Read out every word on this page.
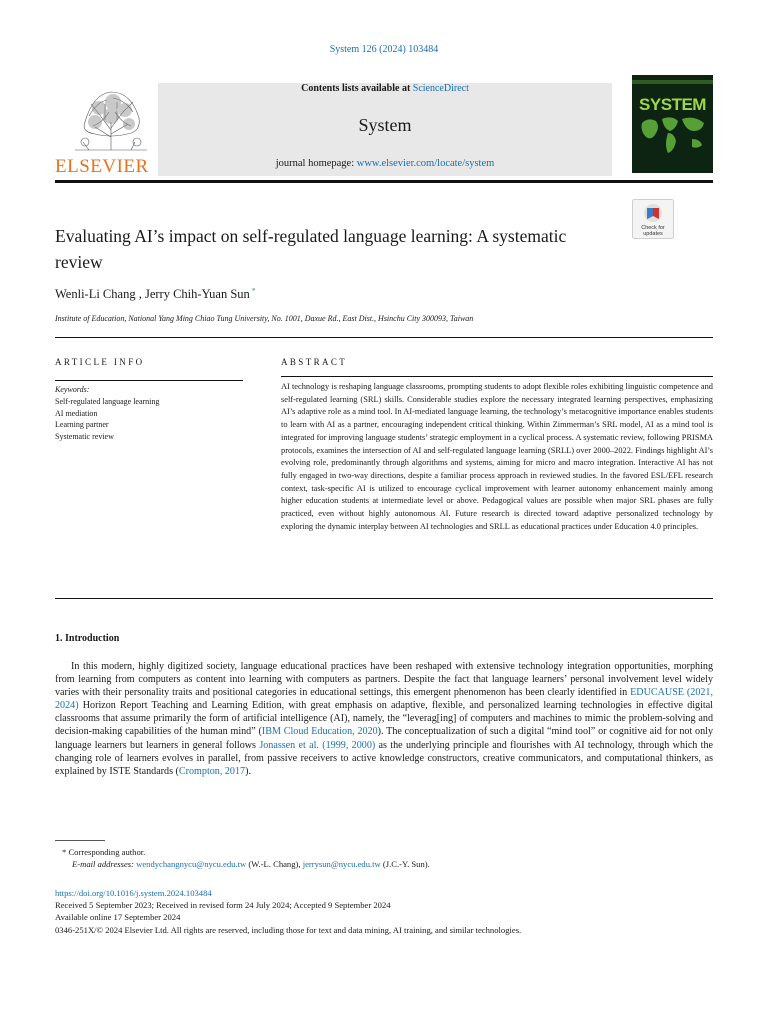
System 126 (2024) 103484
ELSEVIER
Contents lists available at ScienceDirect
System
journal homepage: www.elsevier.com/locate/system
SYSTEM
Evaluating AI’s impact on self-regulated language learning: A systematic review
Check for updates
Wenli-Li Chang , Jerry Chih-Yuan Sun *
Institute of Education, National Yang Ming Chiao Tung University, No. 1001, Daxue Rd., East Dist., Hsinchu City 300093, Taiwan
ARTICLE INFO
Keywords:
Self-regulated language learning
AI mediation
Learning partner
Systematic review
ABSTRACT
AI technology is reshaping language classrooms, prompting students to adopt flexible roles exhibiting linguistic competence and self-regulated learning (SRL) skills. Considerable studies explore the necessary integrated learning perspectives, emphasizing AI’s adaptive role as a mind tool. In AI-mediated language learning, the technology’s metacognitive importance enables students to learn with AI as a partner, encouraging independent critical thinking. Within Zimmerman’s SRL model, AI as a mind tool is integrated for improving language students’ strategic employment in a cyclical process. A systematic review, following PRISMA protocols, examines the intersection of AI and self-regulated language learning (SRLL) over 2000–2022. Findings highlight AI’s evolving role, predominantly through algorithms and systems, aiming for micro and macro integration. Interactive AI has not fully engaged in two-way directions, despite a familiar process approach in reviewed studies. In the favored ESL/EFL research context, task-specific AI is utilized to encourage cyclical improvement with learner autonomy enhancement mainly among higher education students at intermediate level or above. Pedagogical values are possible when major SRL phases are fully practiced, even without highly autonomous AI. Future research is directed toward adaptive personalized technology by exploring the dynamic interplay between AI technologies and SRLL as educational practices under Education 4.0 principles.
1. Introduction
In this modern, highly digitized society, language educational practices have been reshaped with extensive technology integration opportunities, morphing from learning from computers as content into learning with computers as partners. Despite the fact that language learners’ personal involvement level widely varies with their personality traits and positional categories in educational settings, this emergent phenomenon has been clearly identified in EDUCAUSE (2021, 2024) Horizon Report Teaching and Learning Edition, with great emphasis on adaptive, flexible, and personalized learning technologies in effective digital classrooms that assume primarily the form of artificial intelligence (AI), namely, the “leverag[ing] of computers and machines to mimic the problem-solving and decision-making capabilities of the human mind” (IBM Cloud Education, 2020). The conceptualization of such a digital “mind tool” or cognitive aid for not only language learners but learners in general follows Jonassen et al. (1999, 2000) as the underlying principle and flourishes with AI technology, through which the changing role of learners evolves in parallel, from passive receivers to active knowledge constructors, creative communicators, and computational thinkers, as explained by ISTE Standards (Crompton, 2017).
* Corresponding author.
E-mail addresses: wendychangnycu@nycu.edu.tw (W.-L. Chang), jerrysun@nycu.edu.tw (J.C.-Y. Sun).
https://doi.org/10.1016/j.system.2024.103484
Received 5 September 2023; Received in revised form 24 July 2024; Accepted 9 September 2024
Available online 17 September 2024
0346-251X/© 2024 Elsevier Ltd. All rights are reserved, including those for text and data mining, AI training, and similar technologies.
